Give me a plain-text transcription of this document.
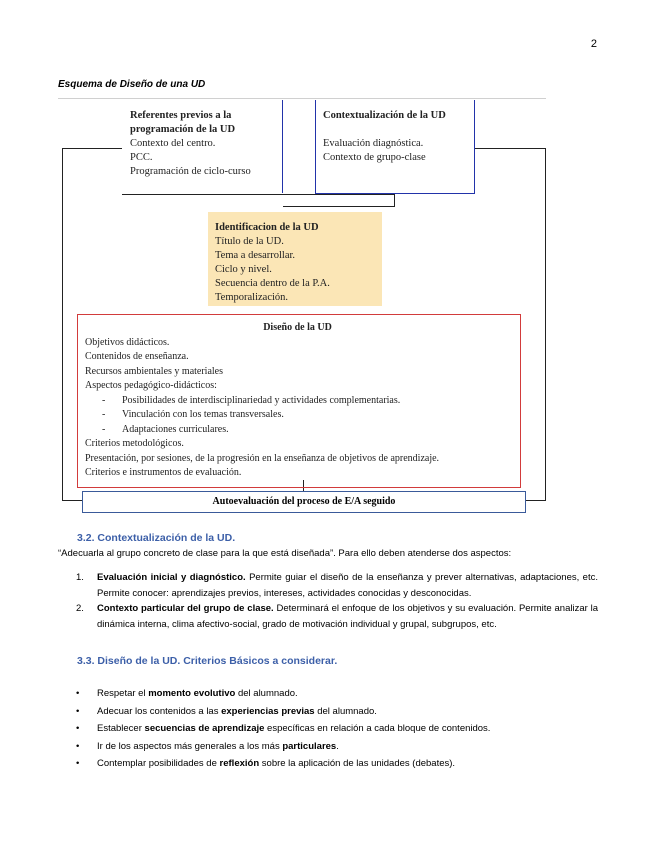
2
Esquema de Diseño de una UD
Referentes previos a la
programación de la UD
Contexto del centro.
PCC.
Programación de ciclo-curso
Contextualización de la UD
Evaluación diagnóstica.
Contexto de grupo-clase
Identificacion de la UD
Título de la UD.
Tema a desarrollar.
Ciclo y nivel.
Secuencia dentro de la P.A.
Temporalización.
Diseño de la UD
Objetivos didácticos.
Contenidos de enseñanza.
Recursos ambientales y materiales
Aspectos pedagógico-didácticos:
- Posibilidades de interdisciplinariedad y actividades complementarias.
- Vinculación con los temas transversales.
- Adaptaciones curriculares.
Criterios metodológicos.
Presentación, por sesiones, de la progresión en la enseñanza de objetivos de aprendizaje.
Criterios e instrumentos de evaluación.
Autoevaluación del proceso de E/A seguido
3.2. Contextualización de la UD.
“Adecuarla al grupo concreto de clase para la que está diseñada”. Para ello deben atenderse dos aspectos:
1. Evaluación inicial y diagnóstico. Permite guiar el diseño de la enseñanza y prever alternativas, adaptaciones, etc. Permite conocer: aprendizajes previos, intereses, actividades conocidas y desconocidas.
2. Contexto particular del grupo de clase. Determinará el enfoque de los objetivos y su evaluación. Permite analizar la dinámica interna, clima afectivo-social, grado de motivación individual y grupal, subgrupos, etc.
3.3. Diseño de la UD. Criterios Básicos a considerar.
• Respetar el momento evolutivo del alumnado.
• Adecuar los contenidos a las experiencias previas del alumnado.
• Establecer secuencias de aprendizaje específicas en relación a cada bloque de contenidos.
• Ir de los aspectos más generales a los más particulares.
• Contemplar posibilidades de reflexión sobre la aplicación de las unidades (debates).
